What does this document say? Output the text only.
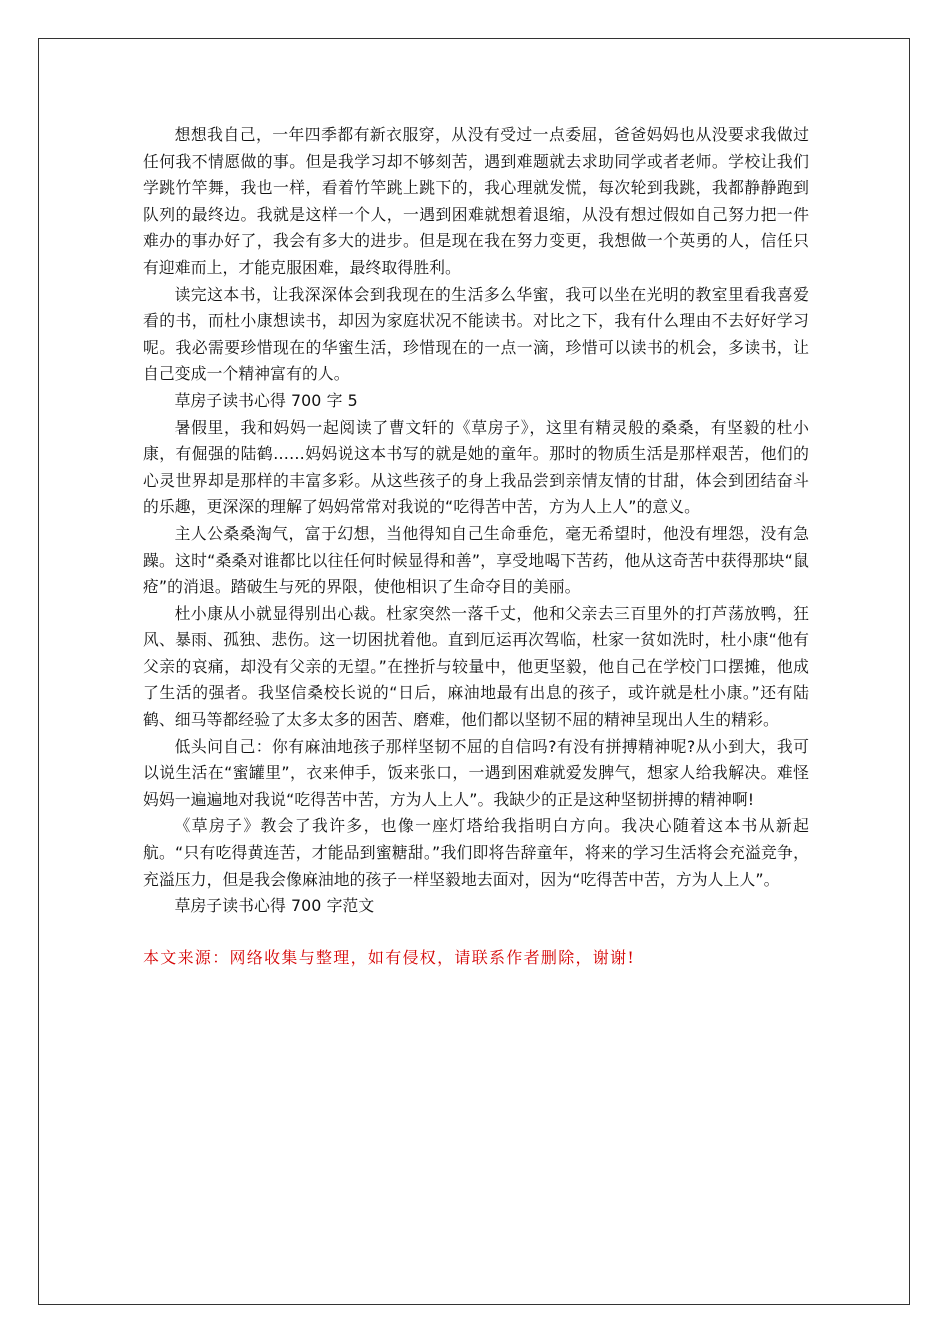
想想我自己，一年四季都有新衣服穿，从没有受过一点委屈，爸爸妈妈也从没要求我做过任何我不情愿做的事。但是我学习却不够刻苦，遇到难题就去求助同学或者老师。学校让我们学跳竹竿舞，我也一样，看着竹竿跳上跳下的，我心理就发慌，每次轮到我跳，我都静静跑到队列的最终边。我就是这样一个人，一遇到困难就想着退缩，从没有想过假如自己努力把一件难办的事办好了，我会有多大的进步。但是现在我在努力变更，我想做一个英勇的人，信任只有迎难而上，才能克服困难，最终取得胜利。

读完这本书，让我深深体会到我现在的生活多么华蜜，我可以坐在光明的教室里看我喜爱看的书，而杜小康想读书，却因为家庭状况不能读书。对比之下，我有什么理由不去好好学习呢。我必需要珍惜现在的华蜜生活，珍惜现在的一点一滴，珍惜可以读书的机会，多读书，让自己变成一个精神富有的人。

草房子读书心得 700 字 5

暑假里，我和妈妈一起阅读了曹文轩的《草房子》，这里有精灵般的桑桑，有坚毅的杜小康，有倔强的陆鹤……妈妈说这本书写的就是她的童年。那时的物质生活是那样艰苦，他们的心灵世界却是那样的丰富多彩。从这些孩子的身上我品尝到亲情友情的甘甜，体会到团结奋斗的乐趣，更深深的理解了妈妈常常对我说的“吃得苦中苦，方为人上人”的意义。

主人公桑桑淘气，富于幻想，当他得知自己生命垂危，毫无希望时，他没有埋怨，没有急躁。这时“桑桑对谁都比以往任何时候显得和善”，享受地喝下苦药，他从这奇苦中获得那块“鼠疮”的消退。踏破生与死的界限，使他相识了生命夺目的美丽。

杜小康从小就显得别出心裁。杜家突然一落千丈，他和父亲去三百里外的打芦荡放鸭，狂风、暴雨、孤独、悲伤。这一切困扰着他。直到厄运再次驾临，杜家一贫如洗时，杜小康“他有父亲的哀痛，却没有父亲的无望。”在挫折与较量中，他更坚毅，他自己在学校门口摆摊，他成了生活的强者。我坚信桑校长说的“日后，麻油地最有出息的孩子，或许就是杜小康。”还有陆鹤、细马等都经验了太多太多的困苦、磨难，他们都以坚韧不屈的精神呈现出人生的精彩。

低头问自己：你有麻油地孩子那样坚韧不屈的自信吗?有没有拼搏精神呢?从小到大，我可以说生活在“蜜罐里”，衣来伸手，饭来张口，一遇到困难就爱发脾气，想家人给我解决。难怪妈妈一遍遍地对我说“吃得苦中苦，方为人上人”。我缺少的正是这种坚韧拼搏的精神啊!

《草房子》教会了我许多，也像一座灯塔给我指明白方向。我决心随着这本书从新起航。“只有吃得黄连苦，才能品到蜜糖甜。”我们即将告辞童年，将来的学习生活将会充溢竞争，充溢压力，但是我会像麻油地的孩子一样坚毅地去面对，因为“吃得苦中苦，方为人上人”。

草房子读书心得 700 字范文

本文来源：网络收集与整理，如有侵权，请联系作者删除，谢谢!
